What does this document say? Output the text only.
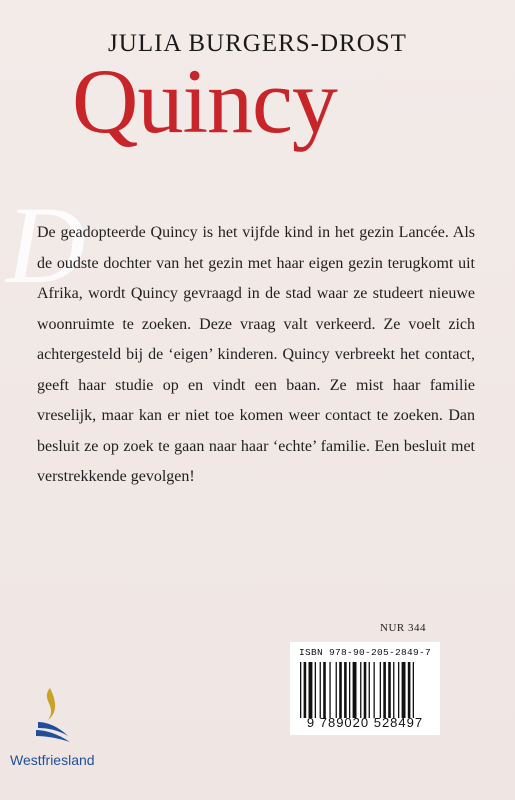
JULIA BURGERS-DROST
Quincy
D
De geadopteerde Quincy is het vijfde kind in het gezin Lancée. Als de oudste dochter van het gezin met haar eigen gezin terugkomt uit Afrika, wordt Quincy gevraagd in de stad waar ze studeert nieuwe woonruimte te zoeken. Deze vraag valt verkeerd. Ze voelt zich achtergesteld bij de ‘eigen’ kinderen. Quincy verbreekt het contact, geeft haar studie op en vindt een baan. Ze mist haar familie vreselijk, maar kan er niet toe komen weer contact te zoeken. Dan besluit ze op zoek te gaan naar haar ‘echte’ familie. Een besluit met verstrekkende gevolgen!
NUR 344
ISBN 978-90-205-2849-7
9 789020 528497
Westfriesland
